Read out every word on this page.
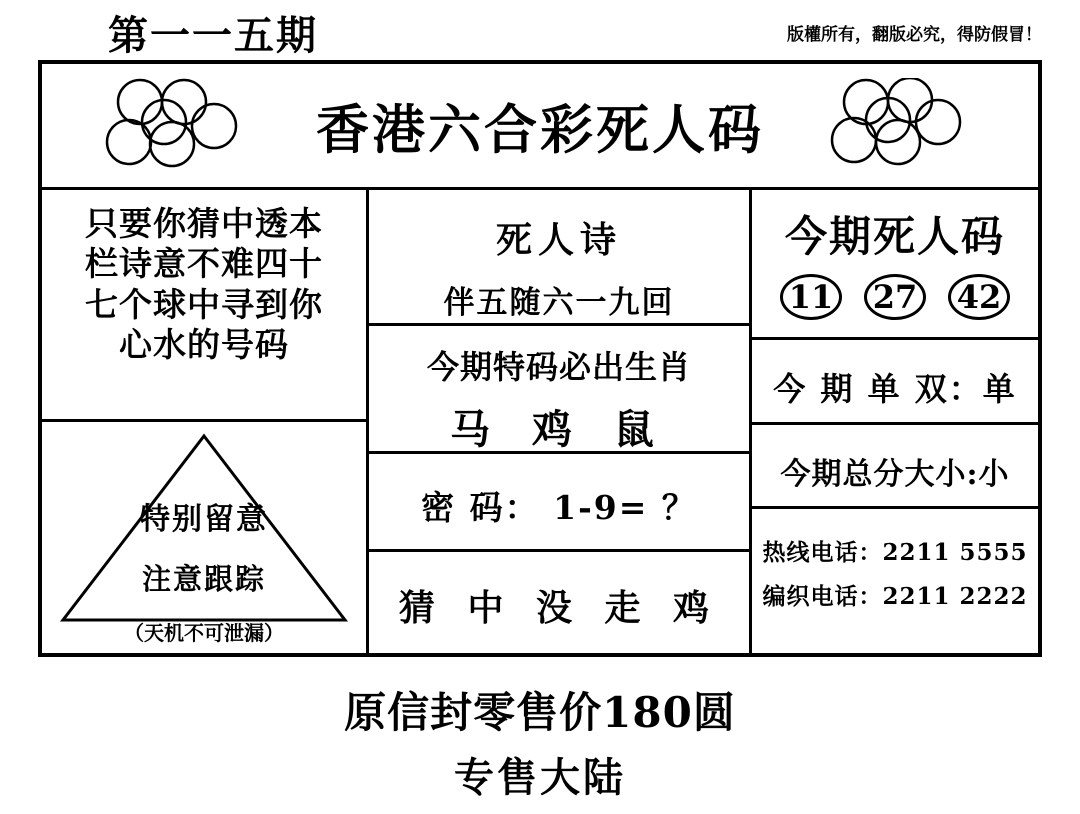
第一一五期	版權所有，翻版必究，得防假冒！
香港六合彩死人码
只要你猜中透本
栏诗意不难四十
七个球中寻到你
心水的号码
特别留意
注意跟踪
（天机不可泄漏）
死人诗
伴五随六一九回
今期特码必出生肖
马 鸡 鼠
密 码： 1-9= ？
猜 中 没 走 鸡
今期死人码
11 27 42
今 期 单 双：单
今期总分大小:小
热线电话：2211 5555
编织电话：2211 2222
原信封零售价180圆
专售大陆
